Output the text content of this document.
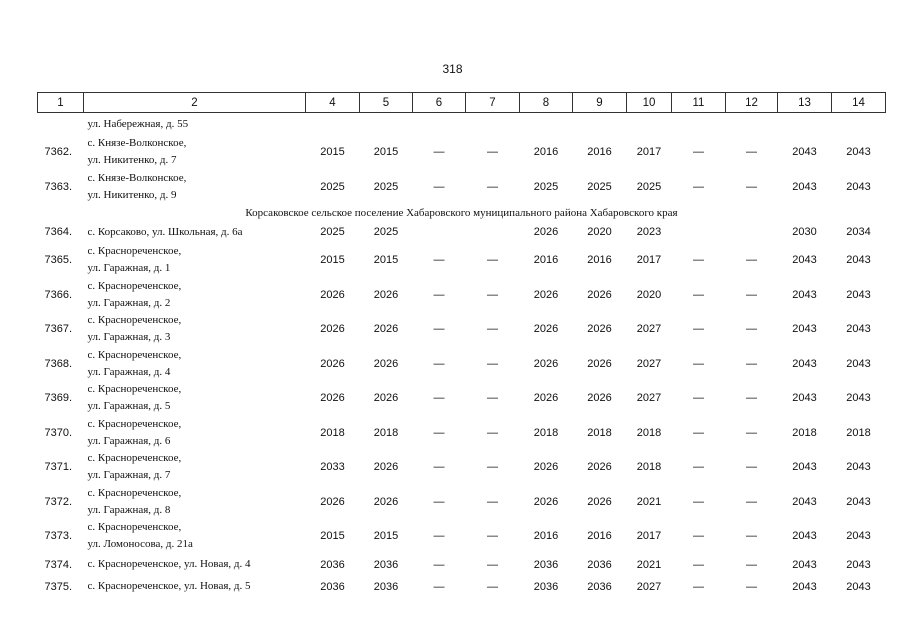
318
1	2	4	5	6	7	8	9	10	11	12	13	14
	ул. Набережная, д. 55											
7362.	с. Князе-Волконское,
ул. Никитенко, д. 7	2015	2015	—	—	2016	2016	2017	—	—	2043	2043
7363.	с. Князе-Волконское,
ул. Никитенко, д. 9	2025	2025	—	—	2025	2025	2025	—	—	2043	2043
Корсаковское сельское поселение Хабаровского муниципального района Хабаровского края												
7364.	с. Корсаково, ул. Школьная, д. 6а	2025	2025			2026	2020	2023			2030	2034
7365.	с. Краснореченское,
ул. Гаражная, д. 1	2015	2015	—	—	2016	2016	2017	—	—	2043	2043
7366.	с. Краснореченское,
ул. Гаражная, д. 2	2026	2026	—	—	2026	2026	2020	—	—	2043	2043
7367.	с. Краснореченское,
ул. Гаражная, д. 3	2026	2026	—	—	2026	2026	2027	—	—	2043	2043
7368.	с. Краснореченское,
ул. Гаражная, д. 4	2026	2026	—	—	2026	2026	2027	—	—	2043	2043
7369.	с. Краснореченское,
ул. Гаражная, д. 5	2026	2026	—	—	2026	2026	2027	—	—	2043	2043
7370.	с. Краснореченское,
ул. Гаражная, д. 6	2018	2018	—	—	2018	2018	2018	—	—	2018	2018
7371.	с. Краснореченское,
ул. Гаражная, д. 7	2033	2026	—	—	2026	2026	2018	—	—	2043	2043
7372.	с. Краснореченское,
ул. Гаражная, д. 8	2026	2026	—	—	2026	2026	2021	—	—	2043	2043
7373.	с. Краснореченское,
ул. Ломоносова, д. 21а	2015	2015	—	—	2016	2016	2017	—	—	2043	2043
7374.	с. Краснореченское, ул. Новая, д. 4	2036	2036	—	—	2036	2036	2021	—	—	2043	2043
7375.	с. Краснореченское, ул. Новая, д. 5	2036	2036	—	—	2036	2036	2027	—	—	2043	2043
